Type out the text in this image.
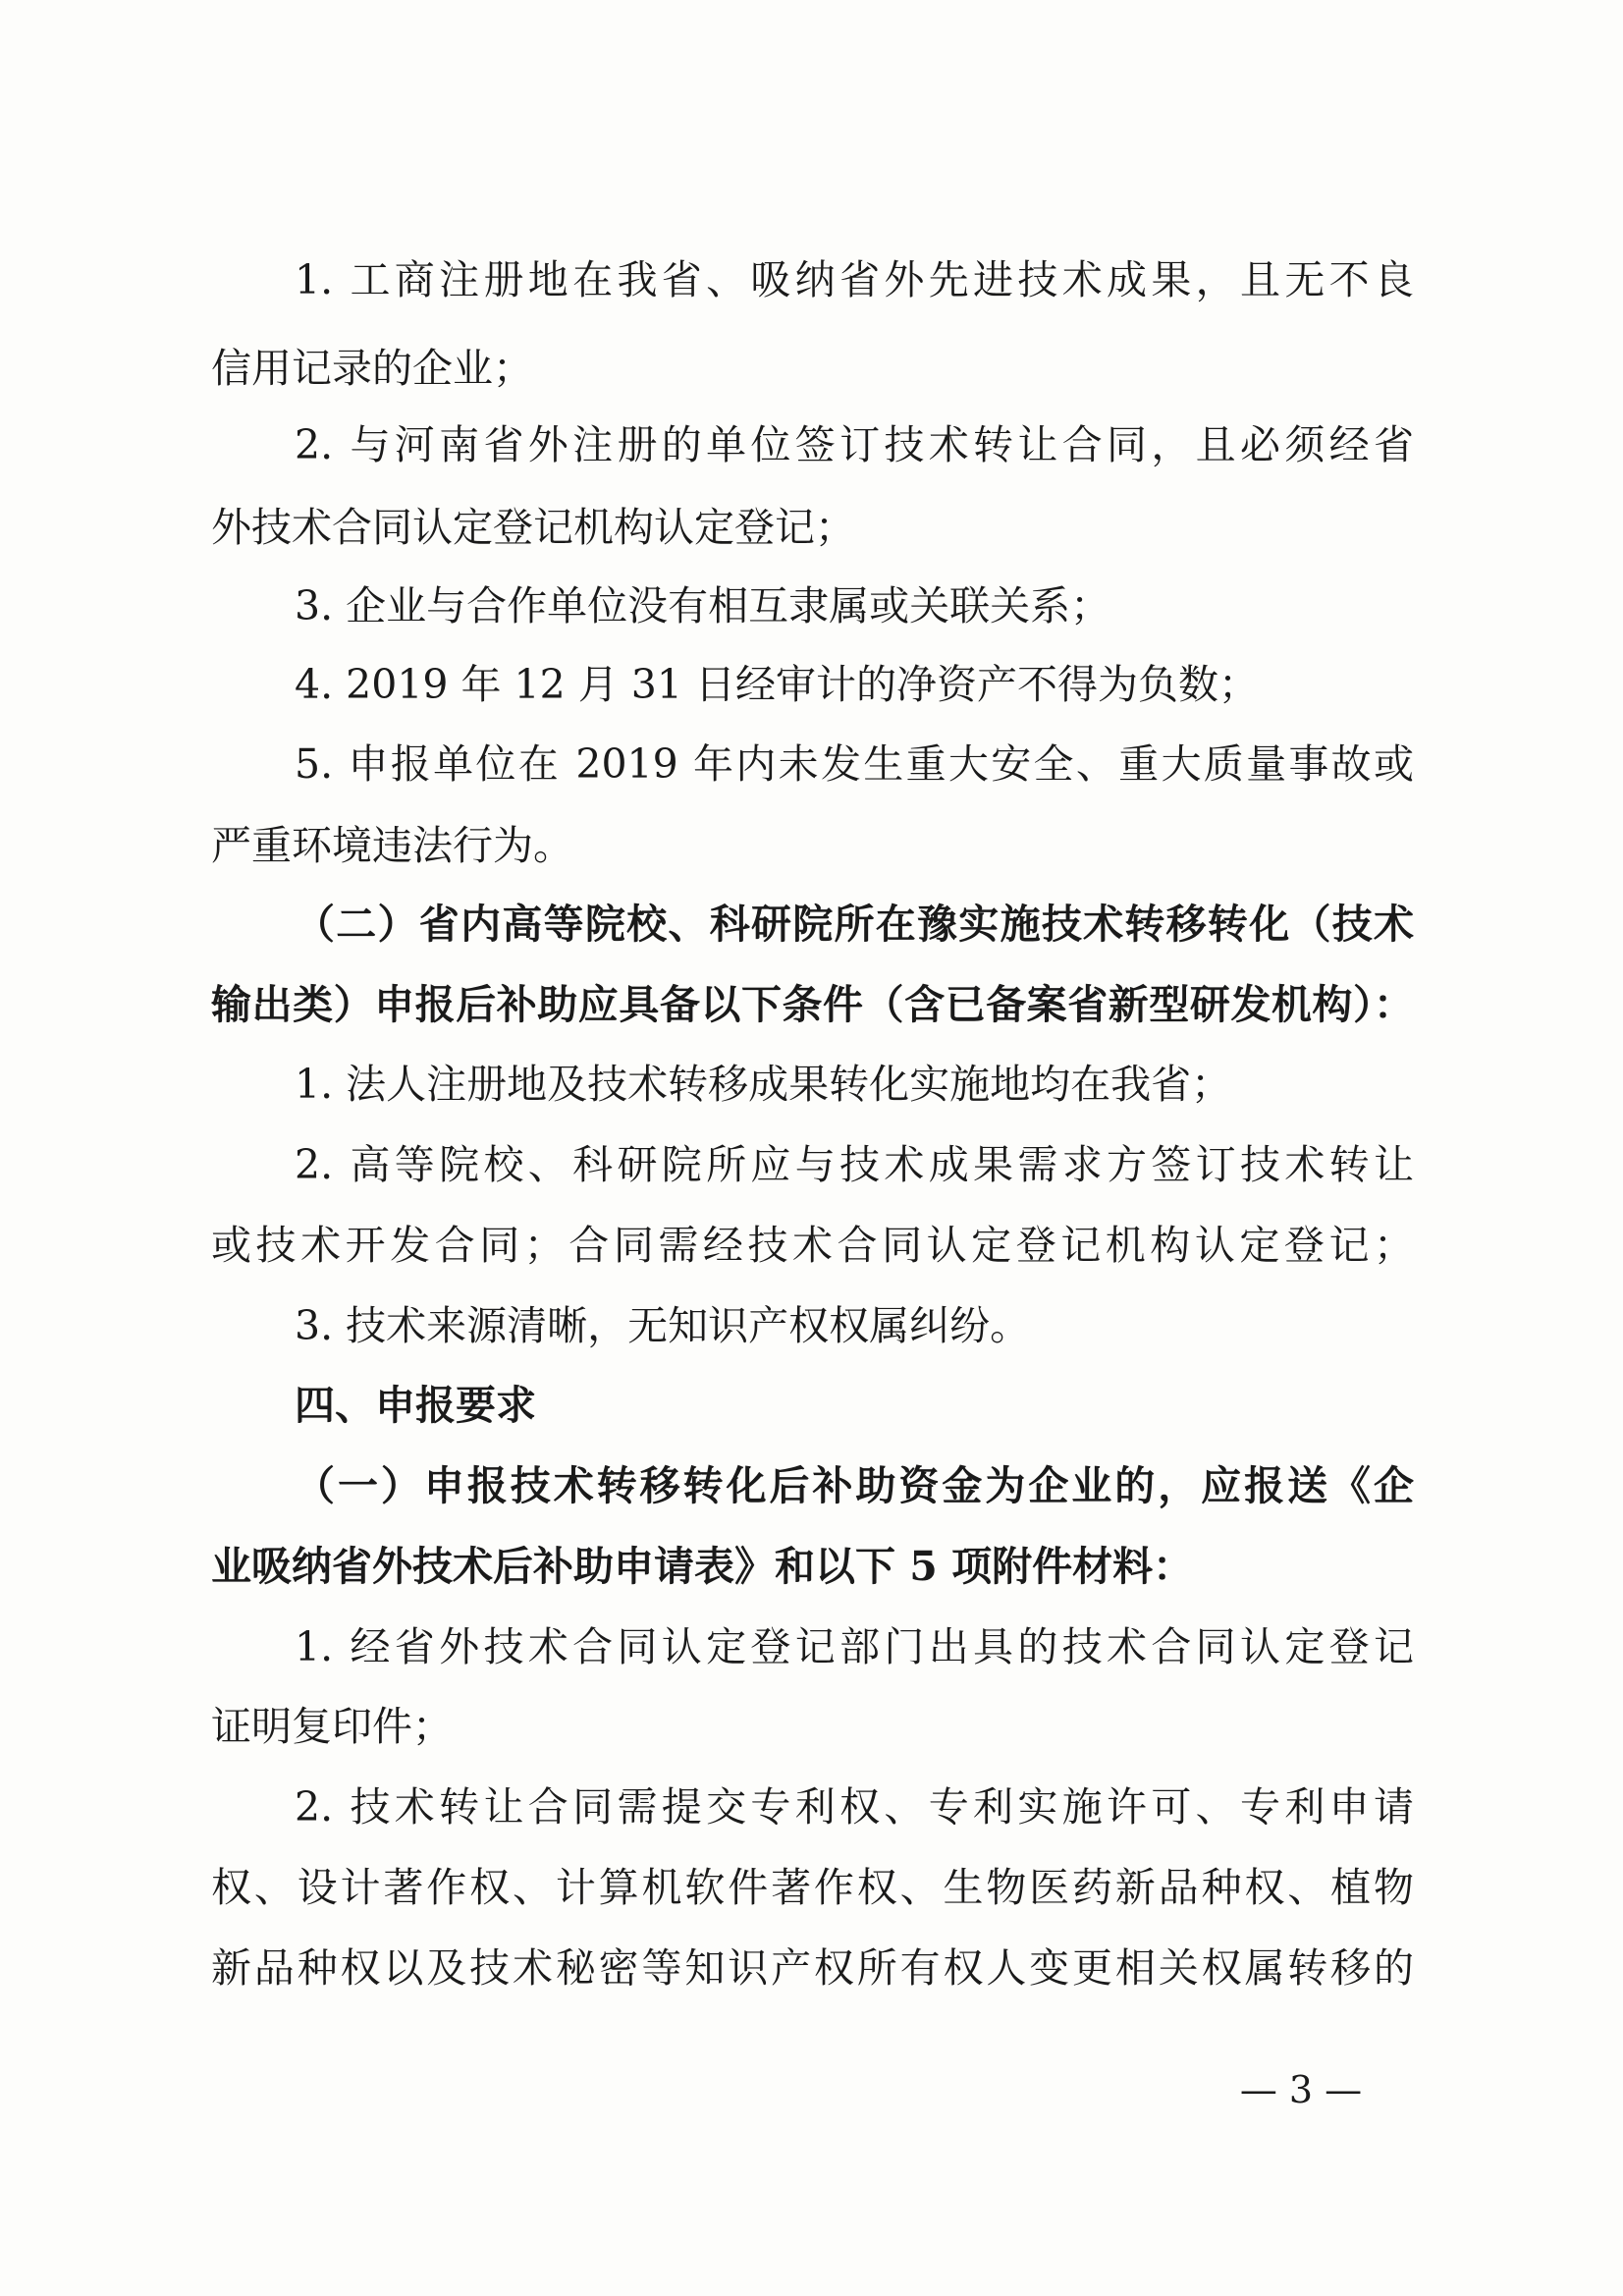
1. 工商注册地在我省、吸纳省外先进技术成果，且无不良
信用记录的企业；
2. 与河南省外注册的单位签订技术转让合同，且必须经省
外技术合同认定登记机构认定登记；
3. 企业与合作单位没有相互隶属或关联关系；
4. 2019 年 12 月 31 日经审计的净资产不得为负数；
5. 申报单位在 2019 年内未发生重大安全、重大质量事故或
严重环境违法行为。
（二）省内高等院校、科研院所在豫实施技术转移转化（技术
输出类）申报后补助应具备以下条件（含已备案省新型研发机构）：
1. 法人注册地及技术转移成果转化实施地均在我省；
2. 高等院校、科研院所应与技术成果需求方签订技术转让
或技术开发合同；合同需经技术合同认定登记机构认定登记；
3. 技术来源清晰，无知识产权权属纠纷。
四、申报要求
（一）申报技术转移转化后补助资金为企业的，应报送《企
业吸纳省外技术后补助申请表》和以下 5 项附件材料：
1. 经省外技术合同认定登记部门出具的技术合同认定登记
证明复印件；
2. 技术转让合同需提交专利权、专利实施许可、专利申请
权、设计著作权、计算机软件著作权、生物医药新品种权、植物
新品种权以及技术秘密等知识产权所有权人变更相关权属转移的
— 3 —
